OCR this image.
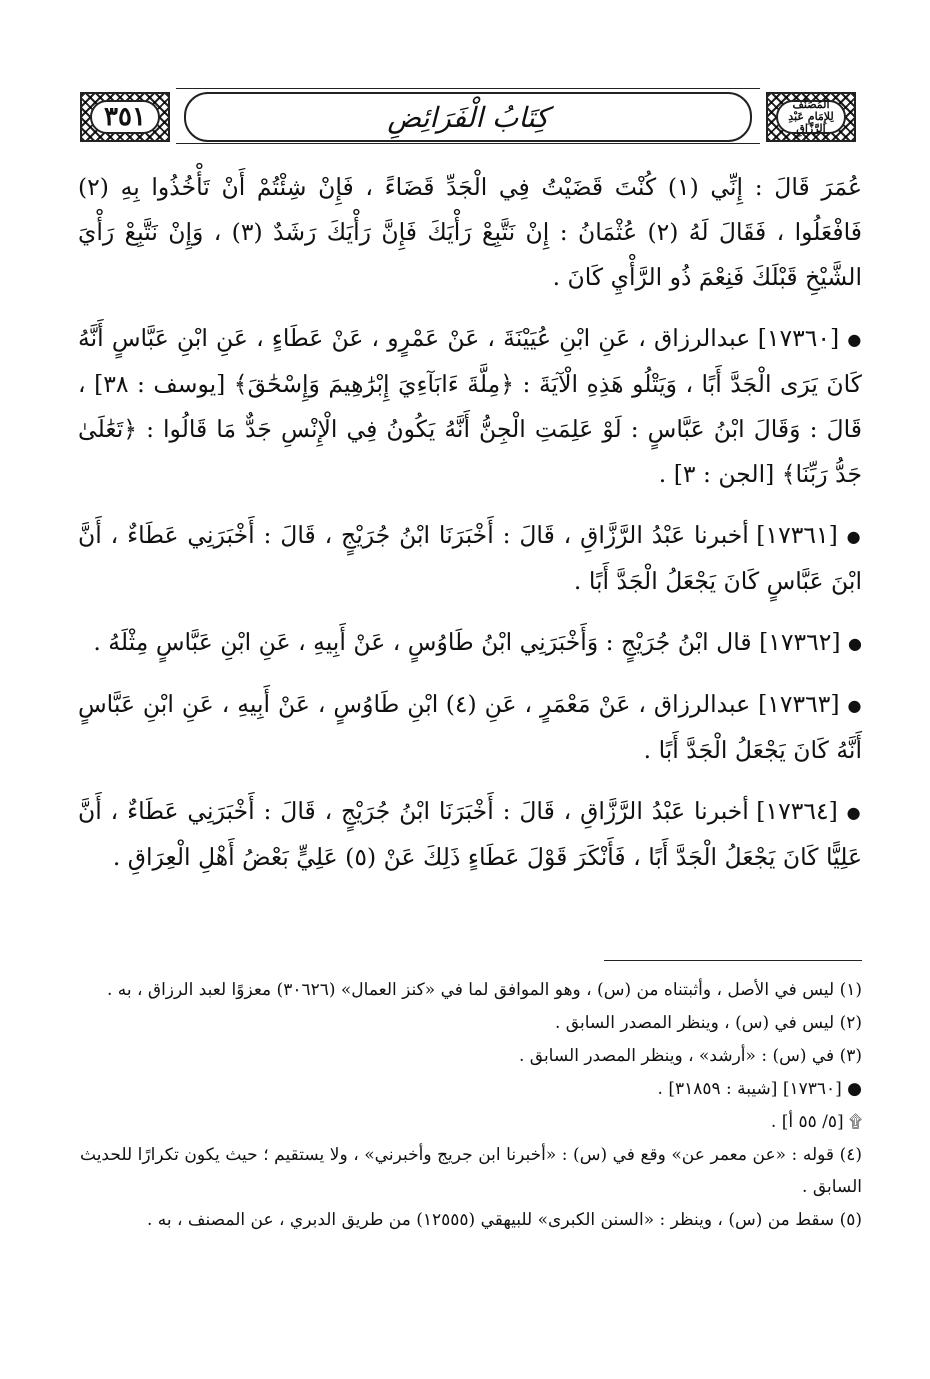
٣٥١	كِتَابُ الْفَرَائِضِ	المُصَنَّف لِلإِمَامِ عَبْدِ الرَّزَّاقِ

عُمَرَ قَالَ : إِنِّي (١) كُنْتَ قَضَيْتُ فِي الْجَدِّ قَضَاءً ، فَإِنْ شِئْتُمْ أَنْ تَأْخُذُوا بِهِ (٢) فَافْعَلُوا ، فَقَالَ لَهُ (٢) عُثْمَانُ : إِنْ نَتَّبِعْ رَأْيَكَ فَإِنَّ رَأْيَكَ رَشَدٌ (٣) ، وَإِنْ نَتَّبِعْ رَأْيَ الشَّيْخِ قَبْلَكَ فَنِعْمَ ذُو الرَّأْيِ كَانَ .

● [١٧٣٦٠] عبدالرزاق ، عَنِ ابْنِ عُيَيْنَةَ ، عَنْ عَمْرٍو ، عَنْ عَطَاءٍ ، عَنِ ابْنِ عَبَّاسٍ أَنَّهُ كَانَ يَرَى الْجَدَّ أَبًا ، وَيَتْلُو هَذِهِ الْآيَةَ : ﴿مِلَّةَ ءَابَآءِيَ إِبْرَٰهِيمَ وَإِسْحَٰقَ﴾ [يوسف : ٣٨] ، قَالَ : وَقَالَ ابْنُ عَبَّاسٍ : لَوْ عَلِمَتِ الْجِنُّ أَنَّهُ يَكُونُ فِي الْإِنْسِ جَدٌّ مَا قَالُوا : ﴿تَعَٰلَىٰ جَدُّ رَبِّنَا﴾ [الجن : ٣] .

● [١٧٣٦١] أخبرنا عَبْدُ الرَّزَّاقِ ، قَالَ : أَخْبَرَنَا ابْنُ جُرَيْجٍ ، قَالَ : أَخْبَرَنِي عَطَاءٌ ، أَنَّ ابْنَ عَبَّاسٍ كَانَ يَجْعَلُ الْجَدَّ أَبًا .

● [١٧٣٦٢] قال ابْنُ جُرَيْجٍ : وَأَخْبَرَنِي ابْنُ طَاوُسٍ ، عَنْ أَبِيهِ ، عَنِ ابْنِ عَبَّاسٍ مِثْلَهُ .

● [١٧٣٦٣] عبدالرزاق ، عَنْ مَعْمَرٍ ، عَنِ (٤) ابْنِ طَاوُسٍ ، عَنْ أَبِيهِ ، عَنِ ابْنِ عَبَّاسٍ أَنَّهُ كَانَ يَجْعَلُ الْجَدَّ أَبًا .

● [١٧٣٦٤] أخبرنا عَبْدُ الرَّزَّاقِ ، قَالَ : أَخْبَرَنَا ابْنُ جُرَيْجٍ ، قَالَ : أَخْبَرَنِي عَطَاءٌ ، أَنَّ عَلِيًّا كَانَ يَجْعَلُ الْجَدَّ أَبًا ، فَأَنْكَرَ قَوْلَ عَطَاءٍ ذَلِكَ عَنْ (٥) عَلِيٍّ بَعْضُ أَهْلِ الْعِرَاقِ .

(١) ليس في الأصل ، وأثبتناه من (س) ، وهو الموافق لما في «كنز العمال» (٣٠٦٢٦) معزوًا لعبد الرزاق ، به .

(٢) ليس في (س) ، وينظر المصدر السابق .

(٣) في (س) : «أرشد» ، وينظر المصدر السابق .

● [١٧٣٦٠] [شيبة : ٣١٨٥٩] .

۩ [٥/ ٥٥ أ] .

(٤) قوله : «عن معمر عن» وقع في (س) : «أخبرنا ابن جريج وأخبرني» ، ولا يستقيم ؛ حيث يكون تكرارًا للحديث السابق .

(٥) سقط من (س) ، وينظر : «السنن الكبرى» للبيهقي (١٢٥٥٥) من طريق الدبري ، عن المصنف ، به .
